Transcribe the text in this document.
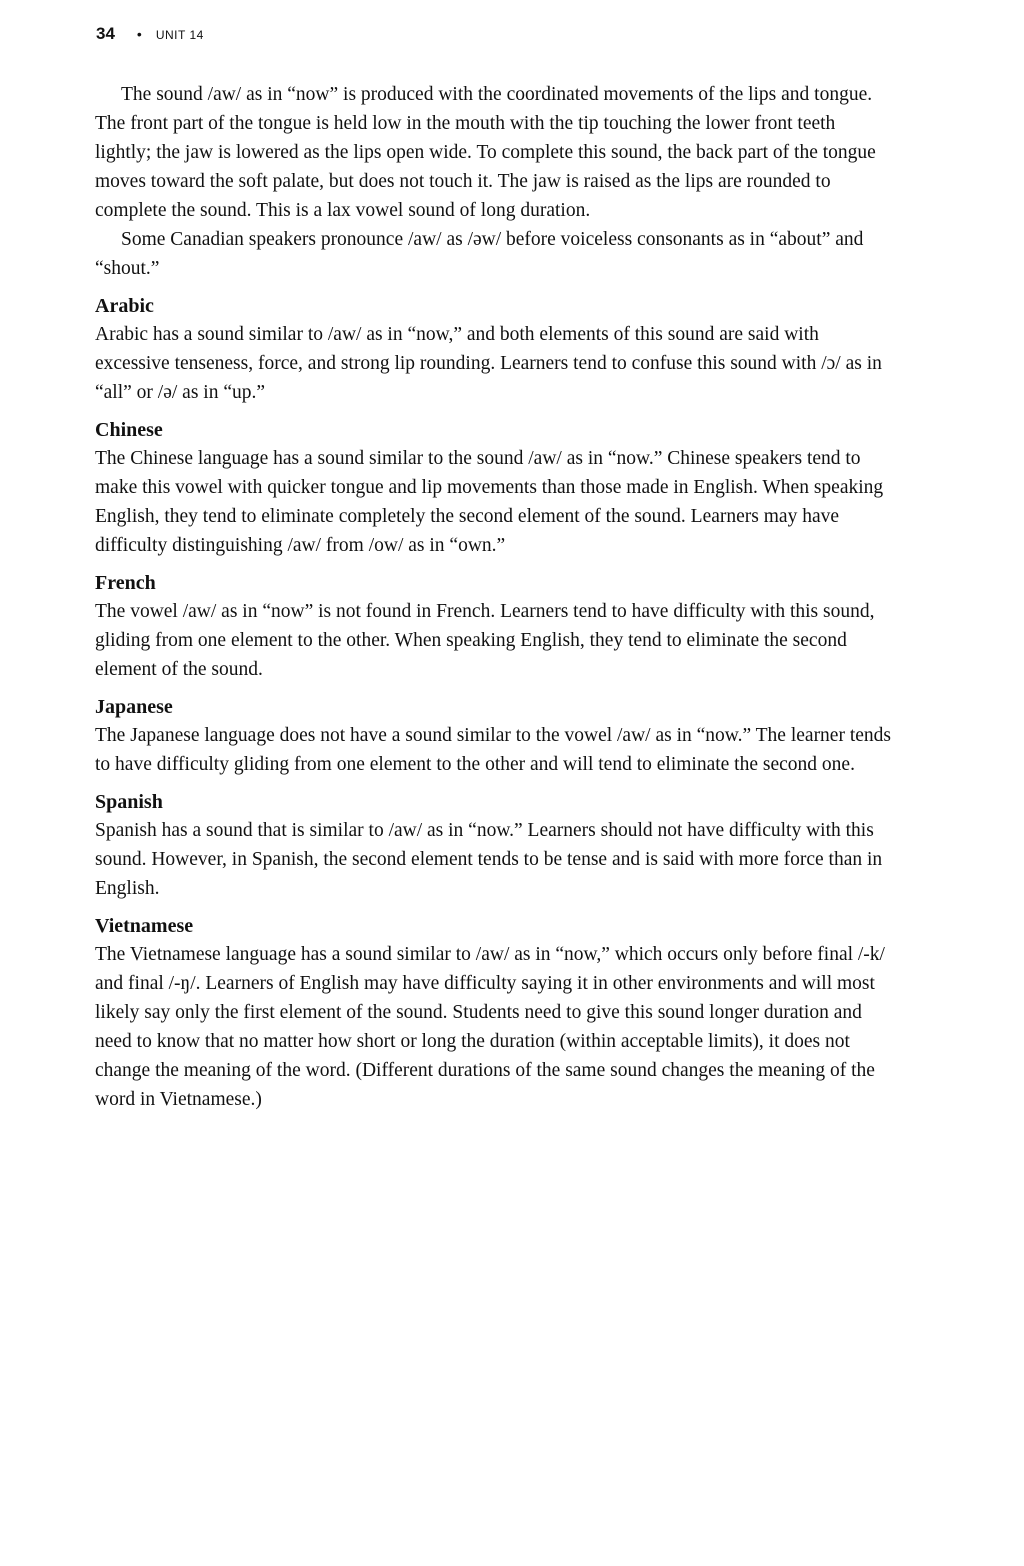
34 • UNIT 14

The sound /aw/ as in “now” is produced with the coordinated movements of the lips and tongue. The front part of the tongue is held low in the mouth with the tip touching the lower front teeth lightly; the jaw is lowered as the lips open wide. To complete this sound, the back part of the tongue moves toward the soft palate, but does not touch it. The jaw is raised as the lips are rounded to complete the sound. This is a lax vowel sound of long duration.

Some Canadian speakers pronounce /aw/ as /əw/ before voiceless consonants as in “about” and “shout.”

Arabic

Arabic has a sound similar to /aw/ as in “now,” and both elements of this sound are said with excessive tenseness, force, and strong lip rounding. Learners tend to confuse this sound with /ɔ/ as in “all” or /ə/ as in “up.”

Chinese

The Chinese language has a sound similar to the sound /aw/ as in “now.” Chinese speakers tend to make this vowel with quicker tongue and lip movements than those made in English. When speaking English, they tend to eliminate completely the second element of the sound. Learners may have difficulty distinguishing /aw/ from /ow/ as in “own.”

French

The vowel /aw/ as in “now” is not found in French. Learners tend to have difficulty with this sound, gliding from one element to the other. When speaking English, they tend to eliminate the second element of the sound.

Japanese

The Japanese language does not have a sound similar to the vowel /aw/ as in “now.” The learner tends to have difficulty gliding from one element to the other and will tend to eliminate the second one.

Spanish

Spanish has a sound that is similar to /aw/ as in “now.” Learners should not have difficulty with this sound. However, in Spanish, the second element tends to be tense and is said with more force than in English.

Vietnamese

The Vietnamese language has a sound similar to /aw/ as in “now,” which occurs only before final /-k/ and final /-ŋ/. Learners of English may have difficulty saying it in other environments and will most likely say only the first element of the sound. Students need to give this sound longer duration and need to know that no matter how short or long the duration (within acceptable limits), it does not change the meaning of the word. (Different durations of the same sound changes the meaning of the word in Vietnamese.)
